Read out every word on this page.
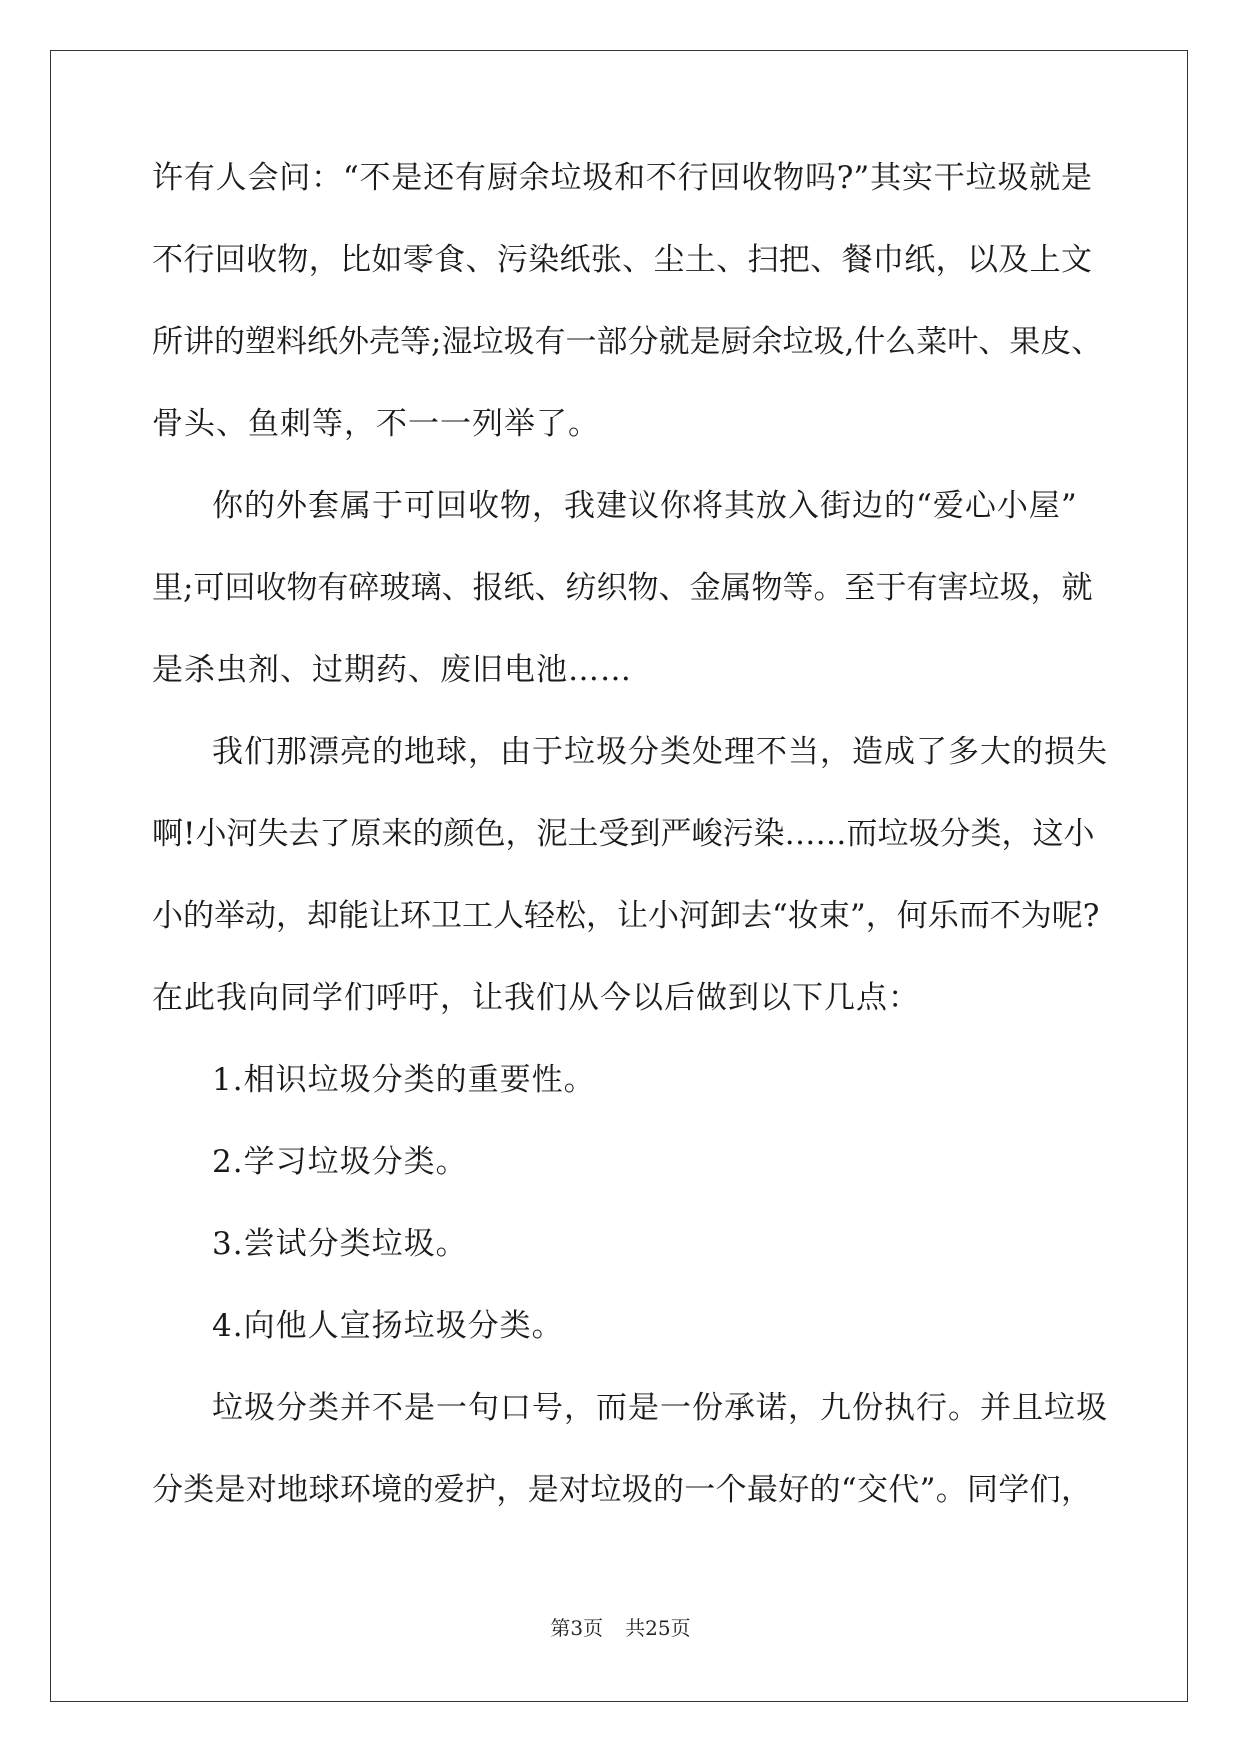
许有人会问：“不是还有厨余垃圾和不行回收物吗?”其实干垃圾就是
不行回收物，比如零食、污染纸张、尘土、扫把、餐巾纸，以及上文
所讲的塑料纸外壳等;湿垃圾有一部分就是厨余垃圾,什么菜叶、果皮、
骨头、鱼刺等，不一一列举了。
你的外套属于可回收物，我建议你将其放入街边的“爱心小屋”
里;可回收物有碎玻璃、报纸、纺织物、金属物等。至于有害垃圾，就
是杀虫剂、过期药、废旧电池……
我们那漂亮的地球，由于垃圾分类处理不当，造成了多大的损失
啊!小河失去了原来的颜色，泥土受到严峻污染……而垃圾分类，这小
小的举动，却能让环卫工人轻松，让小河卸去“妆束”，何乐而不为呢?
在此我向同学们呼吁，让我们从今以后做到以下几点：
1.相识垃圾分类的重要性。
2.学习垃圾分类。
3.尝试分类垃圾。
4.向他人宣扬垃圾分类。
垃圾分类并不是一句口号，而是一份承诺，九份执行。并且垃圾
分类是对地球环境的爱护，是对垃圾的一个最好的“交代”。同学们，
第3页 共25页
